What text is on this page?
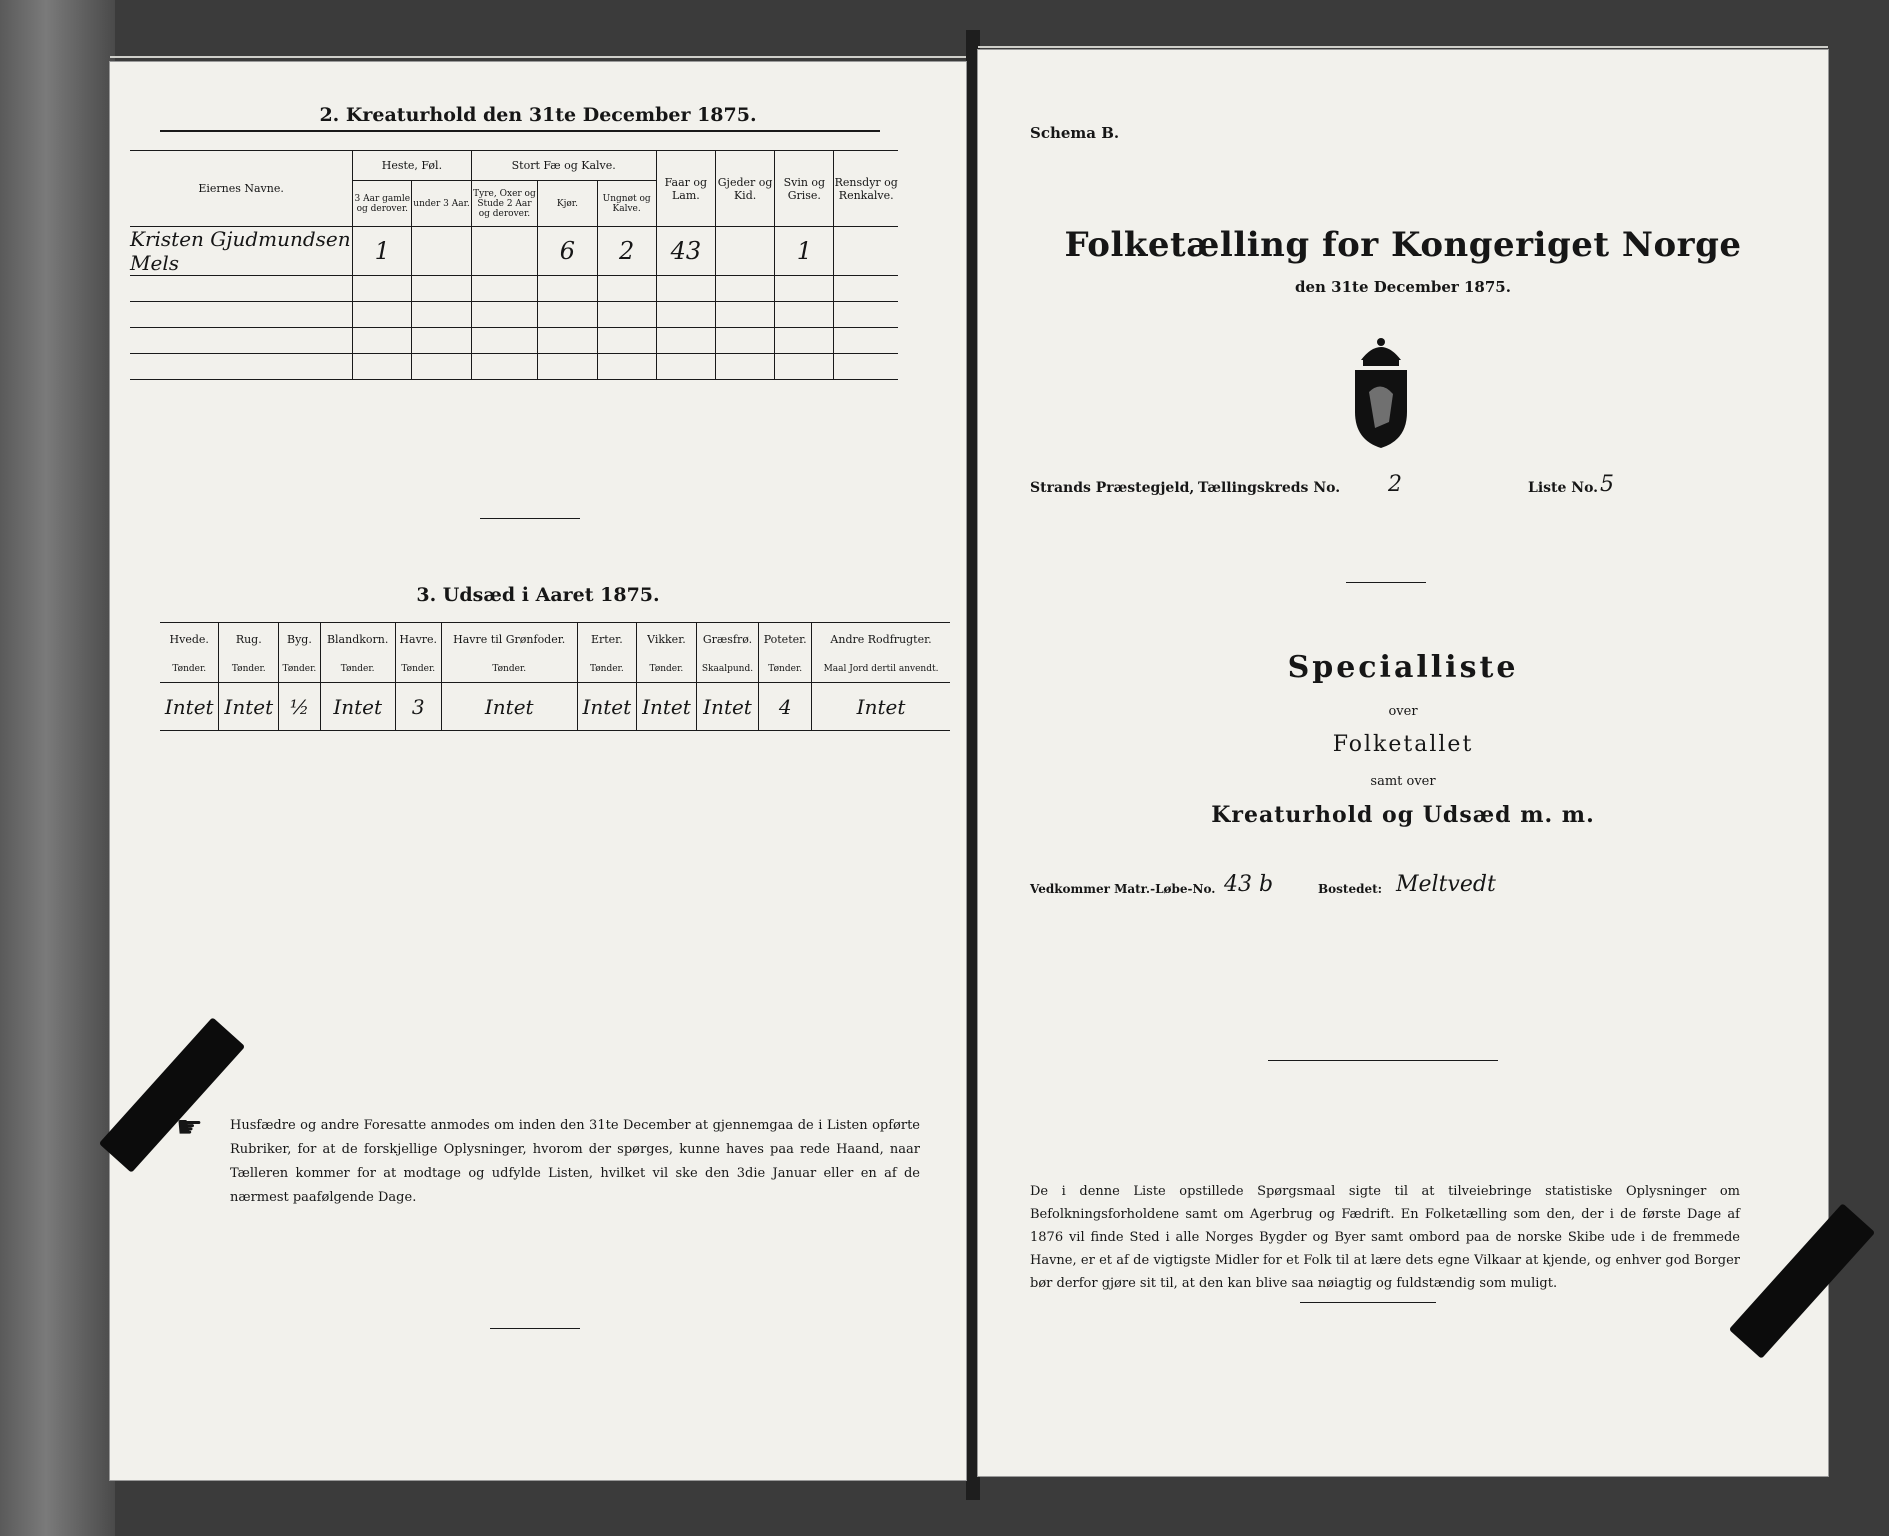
2. Kreaturhold den 31te December 1875.
Eiernes Navne.	Heste, Føl.		Stort Fæ og Kalve.			Faar og Lam.	Gjeder og Kid.	Svin og Grise.	Rensdyr og Renkalve.
	3 Aar gamle og derover.	under 3 Aar.	Tyre, Oxer og Stude 2 Aar og derover.	Kjør.	Ungnøt og Kalve.				
Kristen Gjudmundsen Mels	1			6	2	43		1	

3. Udsæd i Aaret 1875.
Hvede.	Rug.	Byg.	Blandkorn.	Havre.	Havre til Grønfoder.	Erter.	Vikker.	Græsfrø.	Poteter.	Andre Rodfrugter.
Tønder.	Tønder.	Tønder.	Tønder.	Tønder.	Tønder.	Tønder.	Tønder.	Skaalpund.	Tønder.	Maal Jord dertil anvendt.
Intet	Intet	½	Intet	3	Intet	Intet	Intet	Intet	4	Intet
☛ Husfædre og andre Foresatte anmodes om inden den 31te December at gjennemgaa de i Listen opførte Rubriker, for at de forskjellige Oplysninger, hvorom der spørges, kunne haves paa rede Haand, naar Tælleren kommer for at modtage og udfylde Listen, hvilket vil ske den 3die Januar eller en af de nærmest paafølgende Dage.
Schema B.
Folketælling for Kongeriget Norge
den 31te December 1875.
Strands Præstegjeld, Tællingskreds No. 2	Liste No. 5
Specialliste
over
Folketallet
samt over
Kreaturhold og Udsæd m. m.
Vedkommer Matr.-Løbe-No. 43 b	Bostedet: Meltvedt
De i denne Liste opstillede Spørgsmaal sigte til at tilveiebringe statistiske Oplysninger om Befolkningsforholdene samt om Agerbrug og Fædrift. En Folketælling som den, der i de første Dage af 1876 vil finde Sted i alle Norges Bygder og Byer samt ombord paa de norske Skibe ude i de fremmede Havne, er et af de vigtigste Midler for et Folk til at lære dets egne Vilkaar at kjende, og enhver god Borger bør derfor gjøre sit til, at den kan blive saa nøiagtig og fuldstændig som muligt.
